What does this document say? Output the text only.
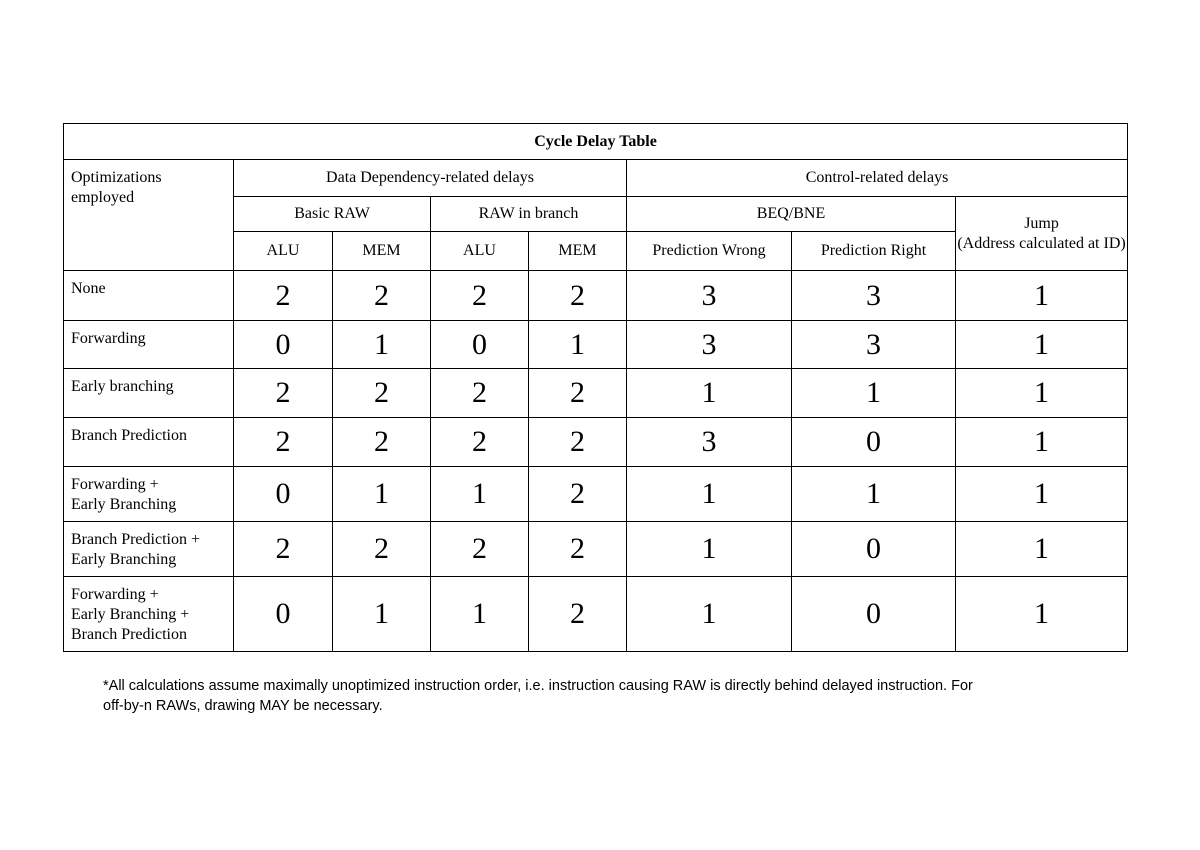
Cycle Delay Table							
Optimizations employed	Data Dependency-related delays				Control-related delays		
	Basic RAW		RAW in branch		BEQ/BNE		Jump
(Address calculated at ID)
	ALU	MEM	ALU	MEM	Prediction Wrong	Prediction Right	

None	2	2	2	2	3	3	1

Forwarding	0	1	0	1	3	3	1

Early branching	2	2	2	2	1	1	1

Branch Prediction	2	2	2	2	3	0	1

Forwarding +
Early Branching	0	1	1	2	1	1	1

Branch Prediction +
Early Branching	2	2	2	2	1	0	1

Forwarding +
Early Branching +
Branch Prediction	0	1	1	2	1	0	1
*All calculations assume maximally unoptimized instruction order, i.e. instruction causing RAW is directly behind delayed instruction. For
off-by-n RAWs, drawing MAY be necessary.
